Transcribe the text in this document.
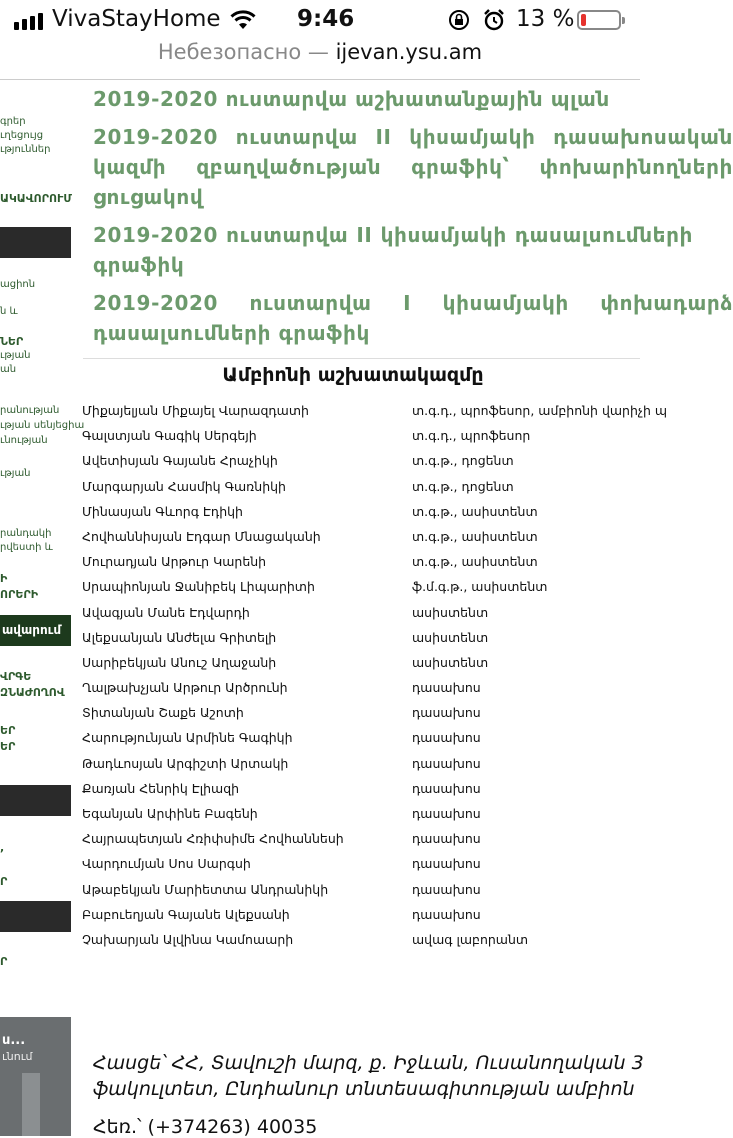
VivaStayHome	9:46	13 %
Небезопасно — ijevan.ysu.am
գրեր
ւղեցույց
ւթյուններ
ԱԿԱՎՈՐՈՒՄ
ացիոն
ն և
ՆԵՐ
ւթյան
ան
րանության
ւթյան սենյեցիա
ւնության
ւթյան
րանդակի
րվեստի և
Ի
ՈՐԵՐԻ
ավարում
ՎՐԳԵ
ԶՆԱԺՈՂՈՎ
ԵՐ
ԵՐ
,
Ր
Ր
2019-2020 ուստարվա աշխատանքային պլան
2019-2020 ուստարվա II կիսամյակի դասախոսական կազմի զբաղվածության գրաֆիկ՝ փոխարինողների ցուցակով
2019-2020 ուստարվա II կիսամյակի դասալսումների գրաֆիկ
2019-2020 ուստարվա I կիսամյակի փոխադարձ դասալսումների գրաֆիկ
Ամբիոնի աշխատակազմը
Միքայելյան Միքայել Վարազդատի	տ.գ.դ., պրոֆեսոր, ամբիոնի վարիչի պ
Գալստյան Գագիկ Սերգեյի	տ.գ.դ., պրոֆեսոր
Ավետիսյան Գայանե Հրաչիկի	տ.գ.թ., դոցենտ
Մարգարյան Հասմիկ Գառնիկի	տ.գ.թ., դոցենտ
Մինասյան Գևորգ Էդիկի	տ.գ.թ., ասիստենտ
Հովհաննիսյան Էդգար Մնացականի	տ.գ.թ., ասիստենտ
Մուրադյան Արթուր Կարենի	տ.գ.թ., ասիստենտ
Սրապիոնյան Ջանիբեկ Լիպարիտի	ֆ.մ.գ.թ., ասիստենտ
Ավագյան Մանե Էդվարդի	ասիստենտ
Ալեքսանյան Անժելա Գրիտելի	ասիստենտ
Սարիբեկյան Անուշ Աղաջանի	ասիստենտ
Ղալթախչյան Արթուր Արծրունի	դասախոս
Տիտանյան Շաքե Աշոտի	դասախոս
Հարությունյան Արմինե Գագիկի	դասախոս
Թադևոսյան Արգիշտի Արտակի	դասախոս
Քառյան Հենրիկ Էլիազի	դասախոս
Եգանյան Արփինե Բագենի	դասախոս
Հայրապետյան Հռիփսիմե Հովհաննեսի	դասախոս
Վարդումյան Սոս Սարգսի	դասախոս
Աթաբեկյան Մարիետտա Անդրանիկի	դասախոս
Բաբուեղյան Գայանե Ալեքսանի	դասախոս
Չախարյան Ալվինա Կամոաարի	ավագ լաբորանտ
ս...
ւնում	Հասցե՝ ՀՀ, Տավուշի մարզ, ք. Իջևան, Ուսանողական 3
ֆակուլտետ, Ընդհանուր տնտեսագիտության ամբիոն
Հեռ.՝ (+374263) 40035
